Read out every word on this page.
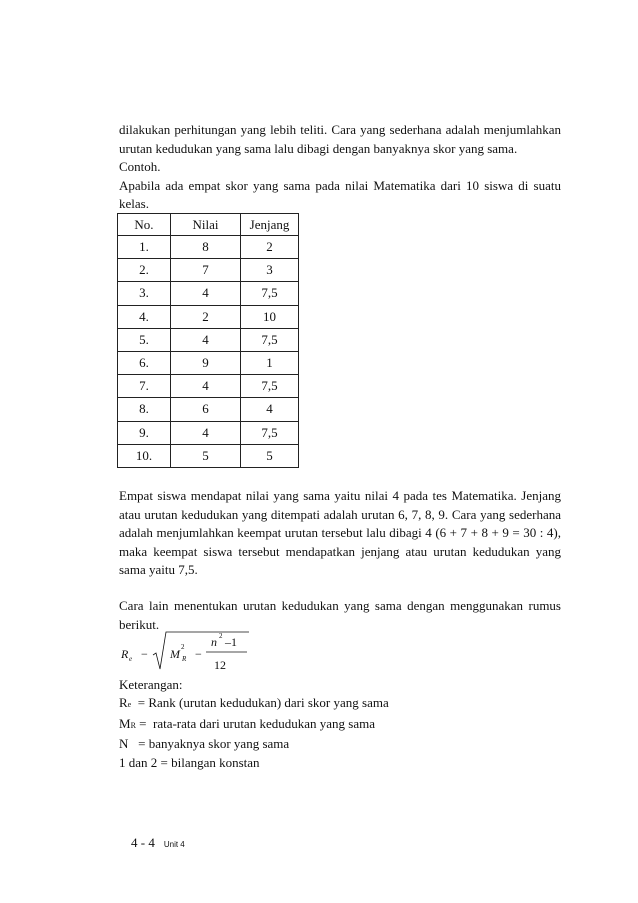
dilakukan perhitungan yang lebih teliti. Cara yang sederhana adalah menjumlahkan
urutan kedudukan yang sama lalu dibagi dengan banyaknya skor yang sama.
Contoh.
Apabila ada empat skor yang sama pada nilai Matematika dari 10 siswa di suatu
kelas.
No.	Nilai	Jenjang
1.	8	2
2.	7	3
3.	4	7,5
4.	2	10
5.	4	7,5
6.	9	1
7.	4	7,5
8.	6	4
9.	4	7,5
10.	5	5
Empat siswa mendapat nilai yang sama yaitu nilai 4 pada tes Matematika. Jenjang
atau urutan kedudukan yang ditempati adalah urutan 6, 7, 8, 9. Cara yang sederhana
adalah menjumlahkan keempat urutan tersebut lalu dibagi 4 (6 + 7 + 8 + 9 = 30 : 4),
maka keempat siswa tersebut mendapatkan jenjang atau urutan kedudukan yang
sama yaitu 7,5.
Cara lain menentukan urutan kedudukan yang sama dengan menggunakan rumus
berikut.
R e − M R
2 −
n 2 –1
12
Keterangan:
Re  = Rank (urutan kedudukan) dari skor yang sama
MR =  rata-rata dari urutan kedudukan yang sama
N   = banyaknya skor yang sama
1 dan 2 = bilangan konstan
4 - 4 Unit 4
